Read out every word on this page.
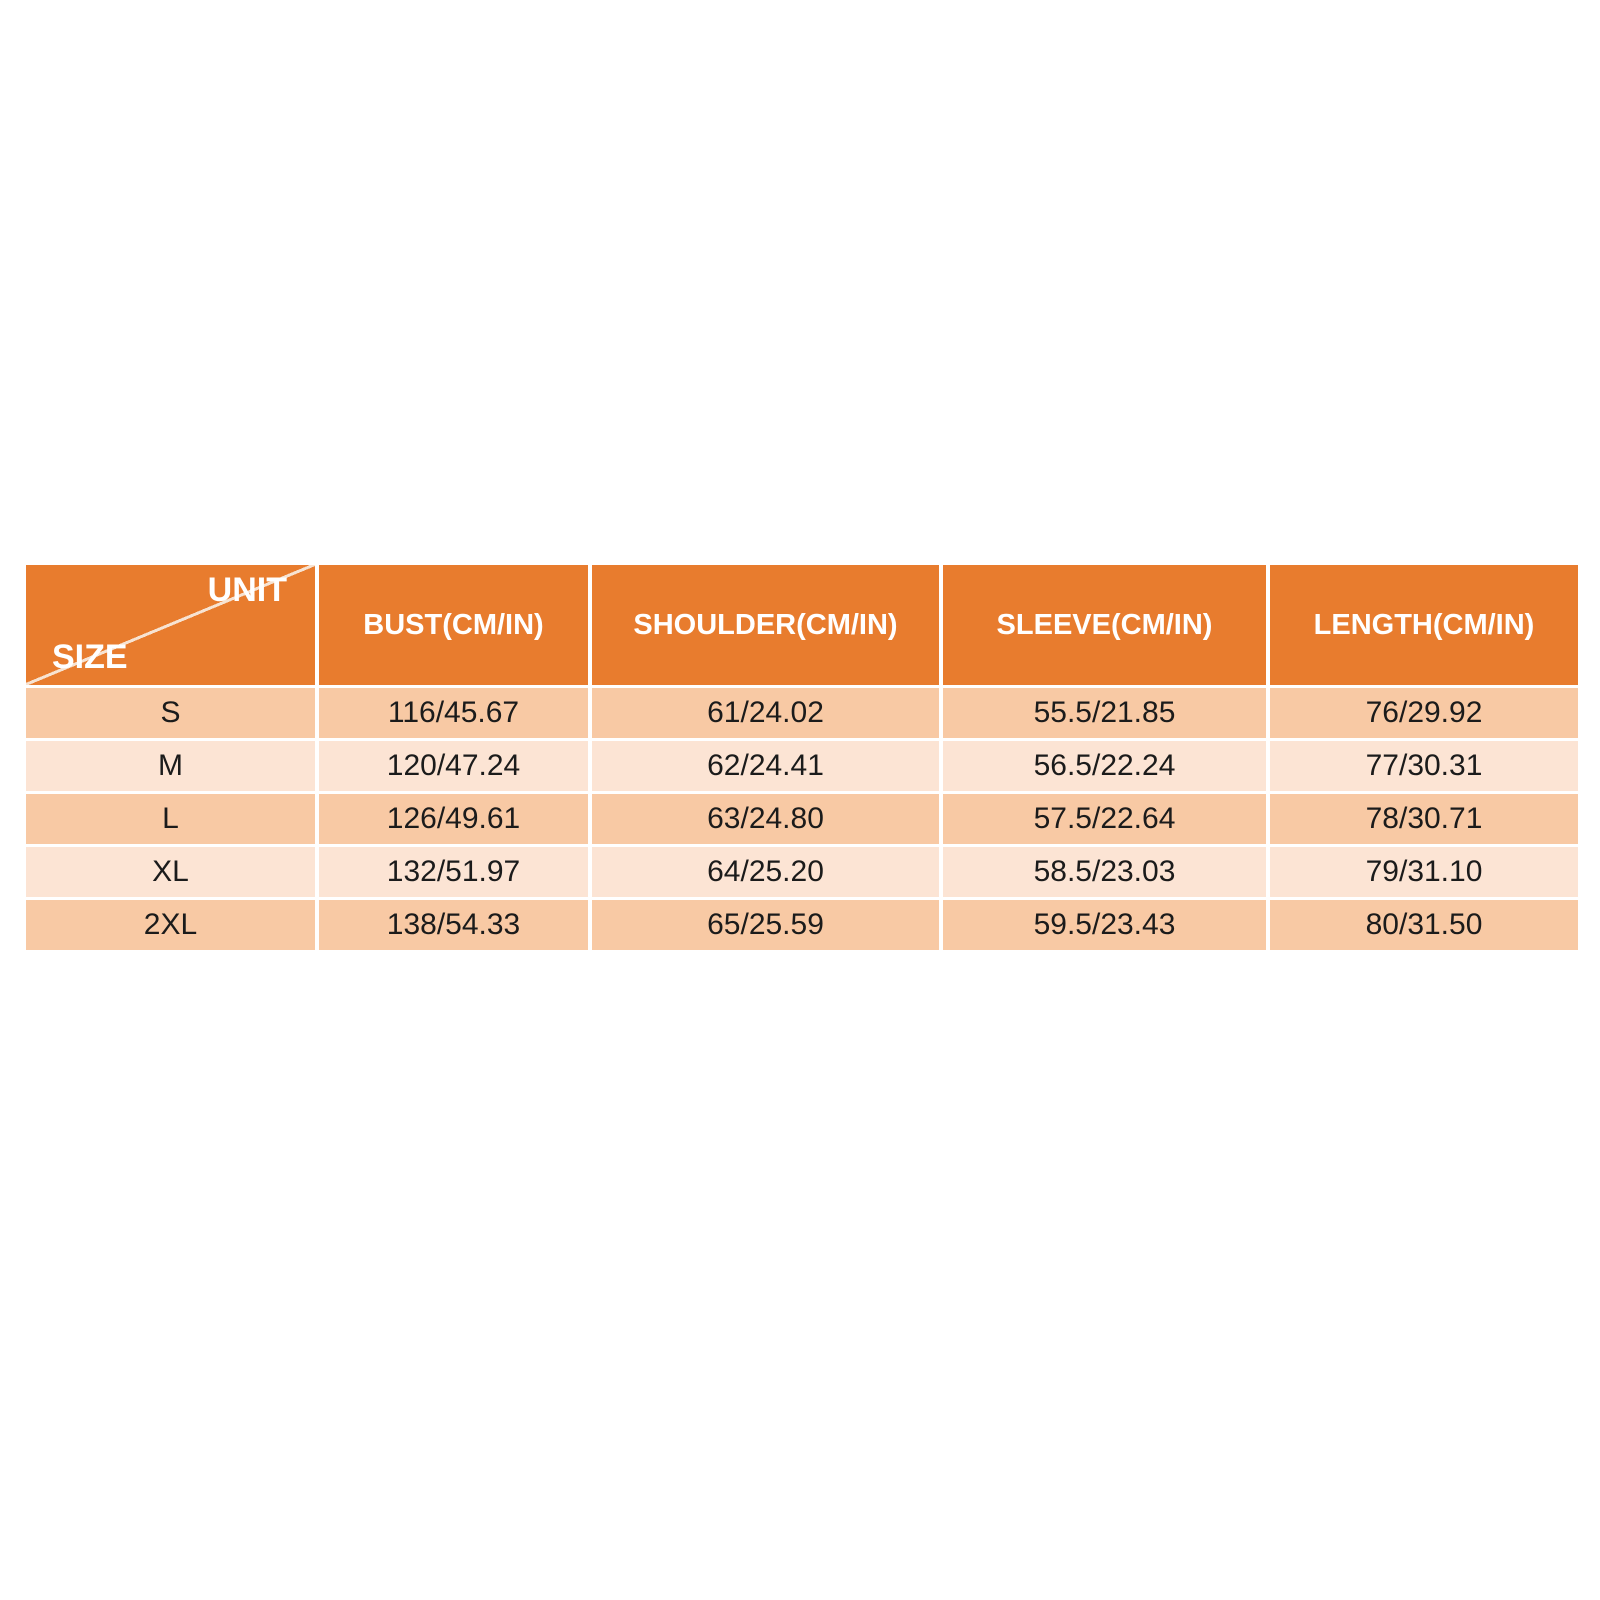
UNIT
SIZE	BUST(CM/IN)	SHOULDER(CM/IN)	SLEEVE(CM/IN)	LENGTH(CM/IN)
S	116/45.67	61/24.02	55.5/21.85	76/29.92
M	120/47.24	62/24.41	56.5/22.24	77/30.31
L	126/49.61	63/24.80	57.5/22.64	78/30.71
XL	132/51.97	64/25.20	58.5/23.03	79/31.10
2XL	138/54.33	65/25.59	59.5/23.43	80/31.50
